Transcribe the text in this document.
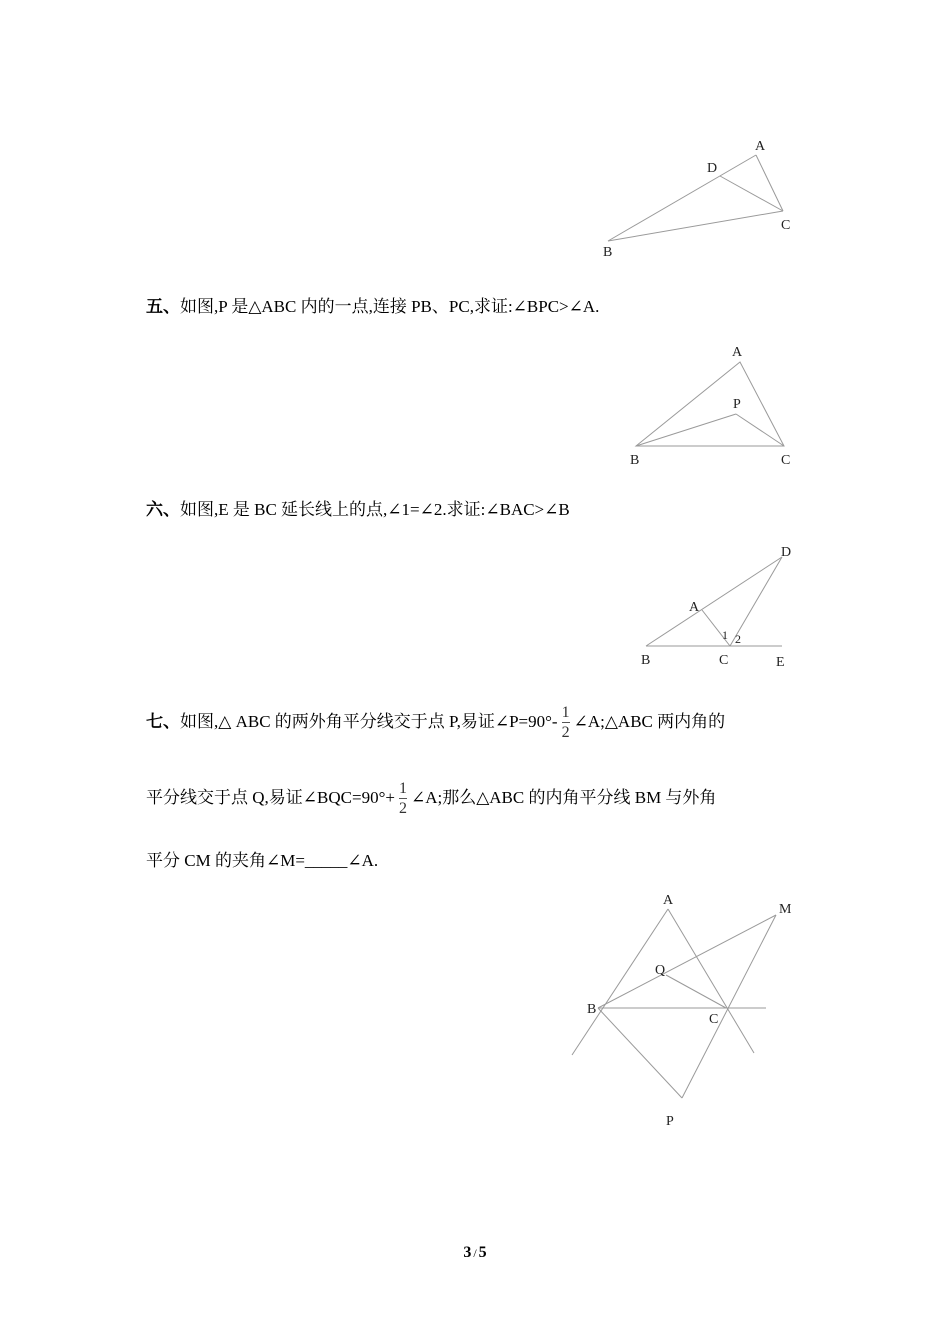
A
D
C
B
五、如图,P 是△ABC 内的一点,连接 PB、PC,求证:∠BPC>∠A.
A
P
B	C
六、如图,E 是 BC 延长线上的点,∠1=∠2.求证:∠BAC>∠B
D
A
1 2
B	C	E
七、如图,△ ABC 的两外角平分线交于点 P,易证∠P=90°- $\frac{1}{2}$ ∠A;△ABC 两内角的
平分线交于点 Q,易证∠BQC=90°+ $\frac{1}{2}$ ∠A;那么△ABC 的内角平分线 BM 与外角
平分 CM 的夹角∠M=_____∠A.
A
M
Q
B
C
P
3 / 5
